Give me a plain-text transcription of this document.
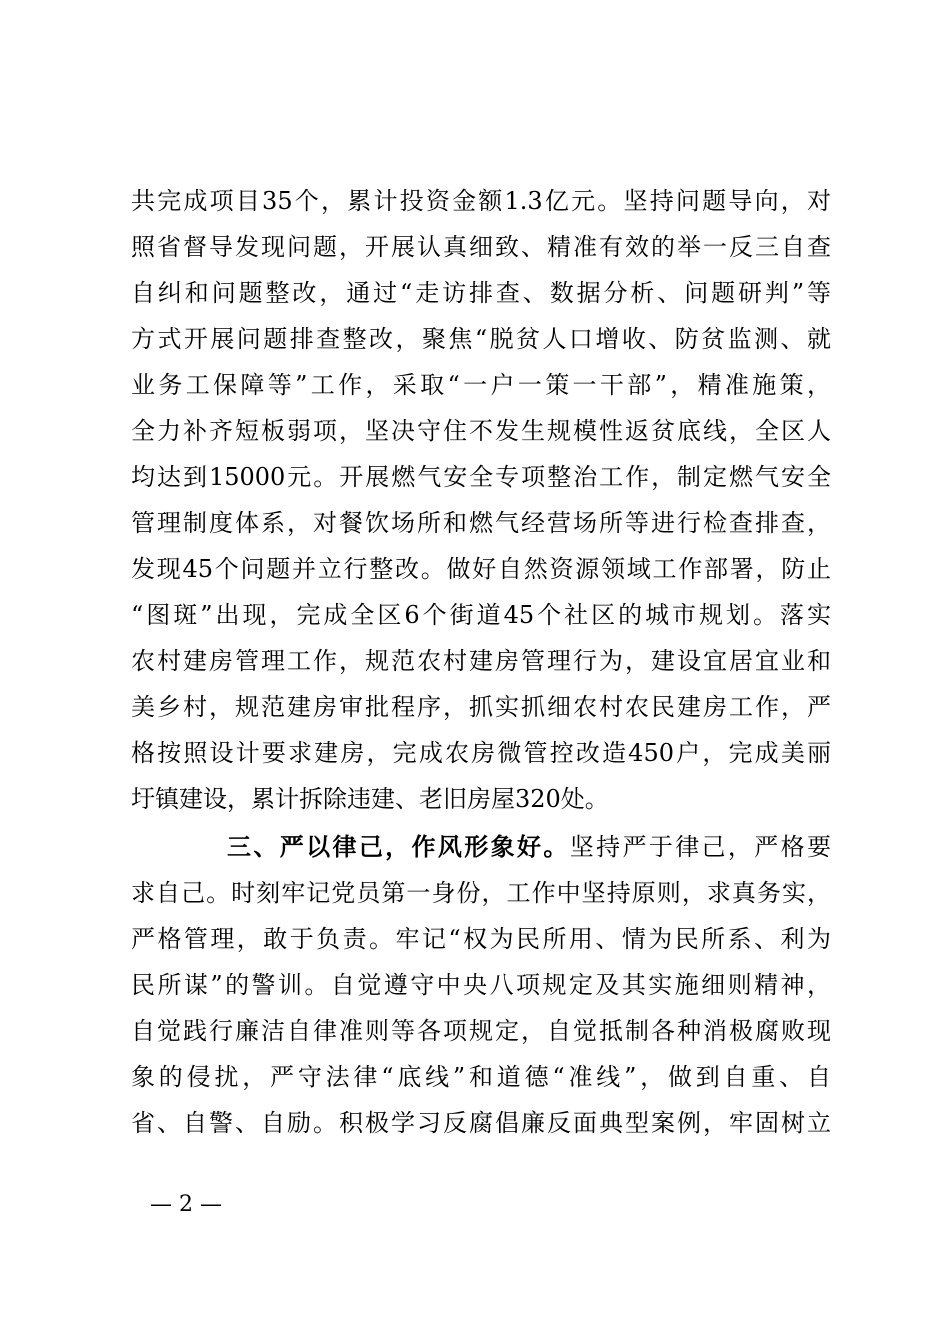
共完成项目35个，累计投资金额1.3亿元。坚持问题导向，对
照省督导发现问题，开展认真细致、精准有效的举一反三自查
自纠和问题整改，通过“走访排查、数据分析、问题研判”等
方式开展问题排查整改，聚焦“脱贫人口增收、防贫监测、就
业务工保障等”工作，采取“一户一策一干部”，精准施策，
全力补齐短板弱项，坚决守住不发生规模性返贫底线，全区人
均达到15000元。开展燃气安全专项整治工作，制定燃气安全
管理制度体系，对餐饮场所和燃气经营场所等进行检查排查，
发现45个问题并立行整改。做好自然资源领域工作部署，防止
“图斑”出现，完成全区6个街道45个社区的城市规划。落实
农村建房管理工作，规范农村建房管理行为，建设宜居宜业和
美乡村，规范建房审批程序，抓实抓细农村农民建房工作，严
格按照设计要求建房，完成农房微管控改造450户，完成美丽
圩镇建设，累计拆除违建、老旧房屋320处。
三、严以律己，作风形象好。坚持严于律己，严格要
求自己。时刻牢记党员第一身份，工作中坚持原则，求真务实，
严格管理，敢于负责。牢记“权为民所用、情为民所系、利为
民所谋”的警训。自觉遵守中央八项规定及其实施细则精神，
自觉践行廉洁自律准则等各项规定，自觉抵制各种消极腐败现
象的侵扰，严守法律“底线”和道德“准线”，做到自重、自
省、自警、自励。积极学习反腐倡廉反面典型案例，牢固树立
— 2 —
